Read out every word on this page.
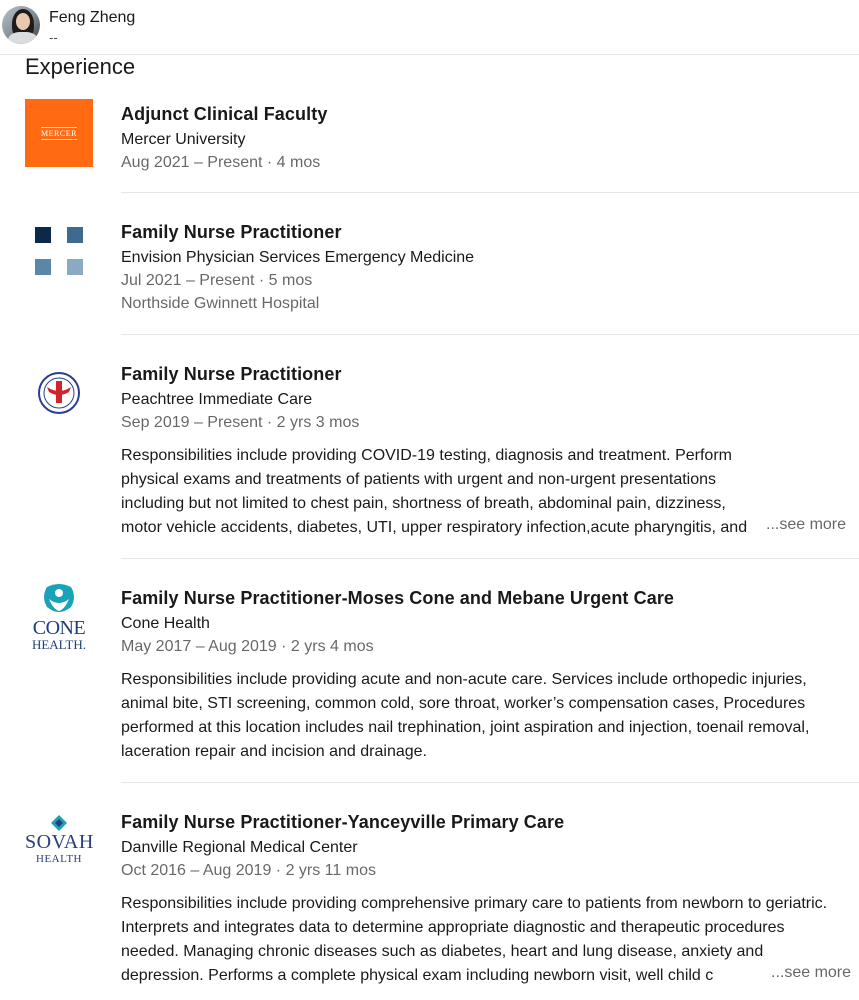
Feng Zheng
--
Experience
MERCER
Adjunct Clinical Faculty
Mercer University
Aug 2021 – Present · 4 mos
Family Nurse Practitioner
Envision Physician Services Emergency Medicine
Jul 2021 – Present · 5 mos
Northside Gwinnett Hospital
Family Nurse Practitioner
Peachtree Immediate Care
Sep 2019 – Present · 2 yrs 3 mos
Responsibilities include providing COVID-19 testing, diagnosis and treatment. Perform physical exams and treatments of patients with urgent and non-urgent presentations including but not limited to chest pain, shortness of breath, abdominal pain, dizziness, motor vehicle accidents, diabetes, UTI, upper respiratory infection,acute pharyngitis, and	...see more
CONE
HEALTH.
Family Nurse Practitioner-Moses Cone and Mebane Urgent Care
Cone Health
May 2017 – Aug 2019 · 2 yrs 4 mos
Responsibilities include providing acute and non-acute care. Services include orthopedic injuries, animal bite, STI screening, common cold, sore throat, worker’s compensation cases, Procedures performed at this location includes nail trephination, joint aspiration and injection, toenail removal, laceration repair and incision and drainage.
SOVAH
HEALTH
Family Nurse Practitioner-Yanceyville Primary Care
Danville Regional Medical Center
Oct 2016 – Aug 2019 · 2 yrs 11 mos
Responsibilities include providing comprehensive primary care to patients from newborn to geriatric. Interprets and integrates data to determine appropriate diagnostic and therapeutic procedures needed. Managing chronic diseases such as diabetes, heart and lung disease, anxiety and depression. Performs a complete physical exam including newborn visit, well child c	...see more
